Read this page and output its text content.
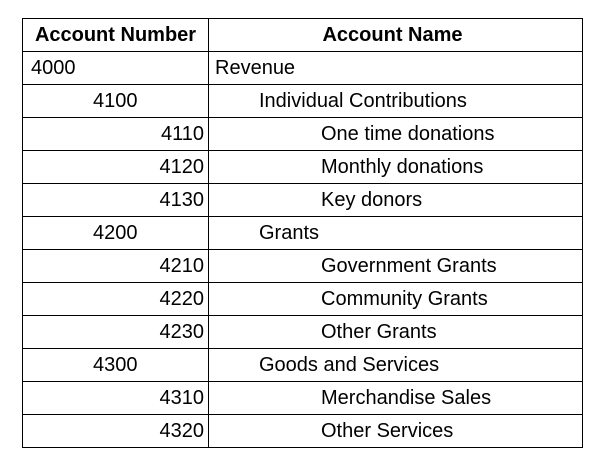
Account Number	Account Name
4000	Revenue
4100	Individual Contributions
4110	One time donations
4120	Monthly donations
4130	Key donors
4200	Grants
4210	Government Grants
4220	Community Grants
4230	Other Grants
4300	Goods and Services
4310	Merchandise Sales
4320	Other Services
